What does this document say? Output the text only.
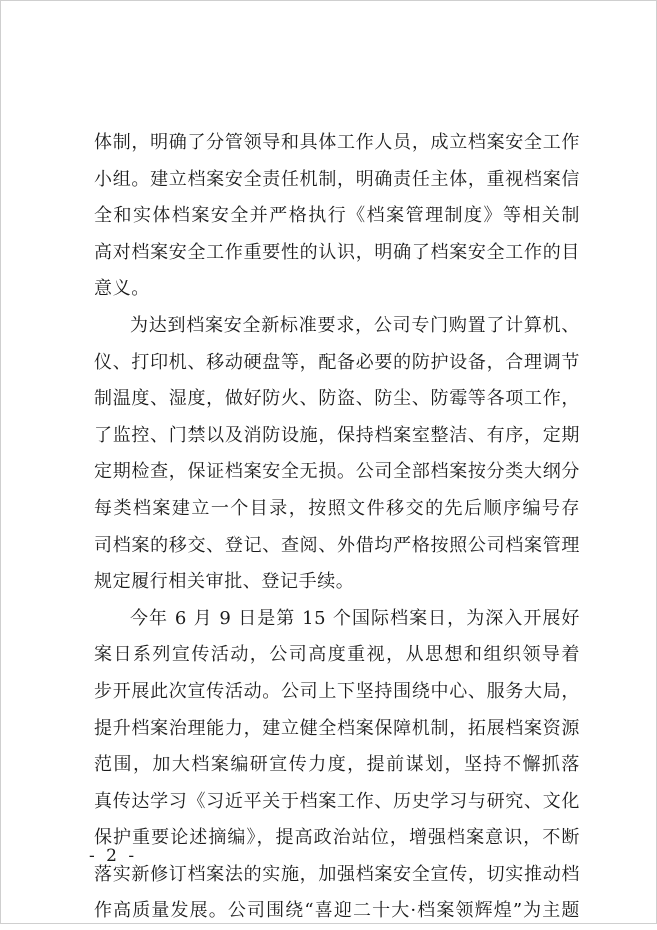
体制，明确了分管领导和具体工作人员，成立档案安全工作
小组。建立档案安全责任机制，明确责任主体，重视档案信
全和实体档案安全并严格执行《档案管理制度》等相关制
高对档案安全工作重要性的认识，明确了档案安全工作的目
意义。
为达到档案安全新标准要求，公司专门购置了计算机、
仪、打印机、移动硬盘等，配备必要的防护设备，合理调节
制温度、湿度，做好防火、防盗、防尘、防霉等各项工作，
了监控、门禁以及消防设施，保持档案室整洁、有序，定期
定期检查，保证档案安全无损。公司全部档案按分类大纲分
每类档案建立一个目录，按照文件移交的先后顺序编号存
司档案的移交、登记、查阅、外借均严格按照公司档案管理
规定履行相关审批、登记手续。
今年 6 月 9 日是第 15 个国际档案日，为深入开展好
案日系列宣传活动，公司高度重视，从思想和组织领导着
步开展此次宣传活动。公司上下坚持围绕中心、服务大局，
提升档案治理能力，建立健全档案保障机制，拓展档案资源
范围，加大档案编研宣传力度，提前谋划，坚持不懈抓落
真传达学习《习近平关于档案工作、历史学习与研究、文化
保护重要论述摘编》，提高政治站位，增强档案意识，不断
落实新修订档案法的实施，加强档案安全宣传，切实推动档
作高质量发展。公司围绕“喜迎二十大·档案领辉煌”为主题
- 2 -
